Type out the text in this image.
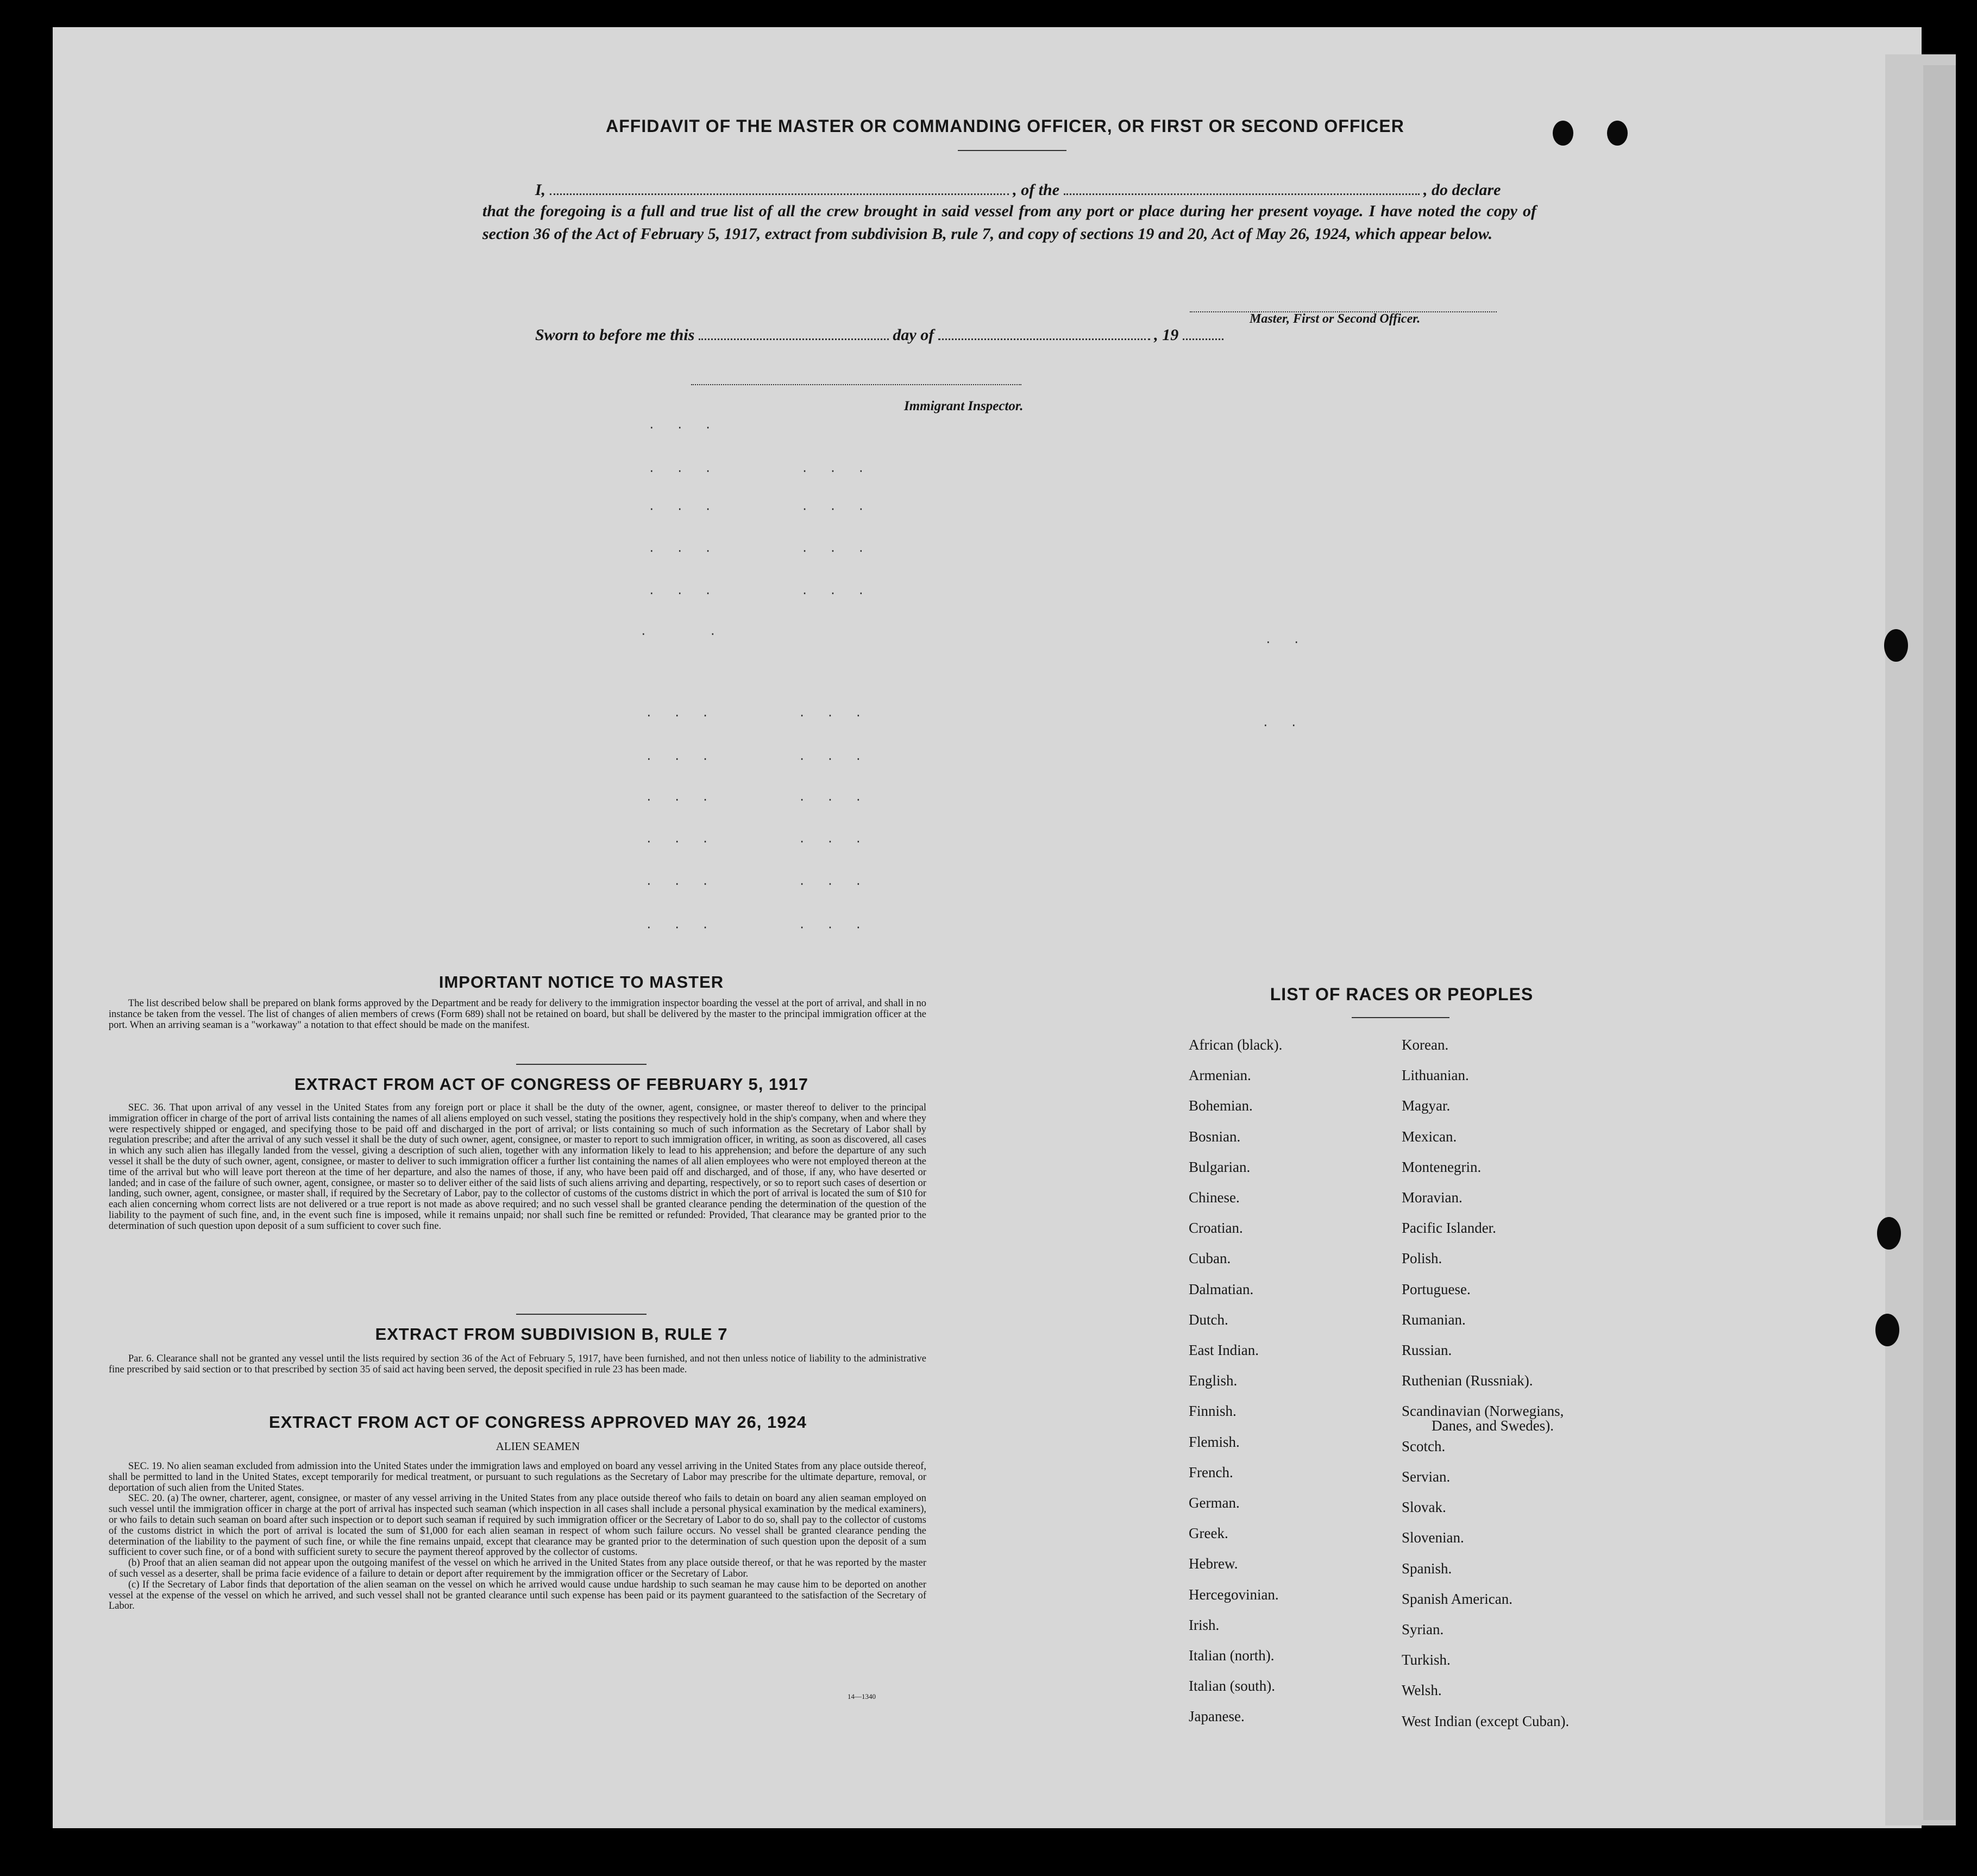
AFFIDAVIT OF THE MASTER OR COMMANDING OFFICER, OR FIRST OR SECOND OFFICER
I,	, of the	, do declare
that the foregoing is a full and true list of all the crew brought in said vessel from any port or place during her present voyage. I have noted the copy of section 36 of the Act of February 5, 1917, extract from subdivision B, rule 7, and copy of sections 19 and 20, Act of May 26, 1924, which appear below.
Master, First or Second Officer.
Sworn to before me this	day of	, 19
Immigrant Inspector.
· · ·
· · ·      · · ·
· · ·      · · ·
· · ·      · · ·
· · ·      · · ·
·    ·
· · ·      · · ·
· · ·      · · ·
· · ·      · · ·
· · ·      · · ·
· · ·      · · ·
· · ·      · · ·
· ·
· ·
IMPORTANT NOTICE TO MASTER

The list described below shall be prepared on blank forms approved by the Department and be ready for delivery to the immigration inspector boarding the vessel at the port of arrival, and shall in no instance be taken from the vessel. The list of changes of alien members of crews (Form 689) shall not be retained on board, but shall be delivered by the master to the principal immigration officer at the port. When an arriving seaman is a "workaway" a notation to that effect should be made on the manifest.

EXTRACT FROM ACT OF CONGRESS OF FEBRUARY 5, 1917

SEC. 36. That upon arrival of any vessel in the United States from any foreign port or place it shall be the duty of the owner, agent, consignee, or master thereof to deliver to the principal immigration officer in charge of the port of arrival lists containing the names of all aliens employed on such vessel, stating the positions they respectively hold in the ship's company, when and where they were respectively shipped or engaged, and specifying those to be paid off and discharged in the port of arrival; or lists containing so much of such information as the Secretary of Labor shall by regulation prescribe; and after the arrival of any such vessel it shall be the duty of such owner, agent, consignee, or master to report to such immigration officer, in writing, as soon as discovered, all cases in which any such alien has illegally landed from the vessel, giving a description of such alien, together with any information likely to lead to his apprehension; and before the departure of any such vessel it shall be the duty of such owner, agent, consignee, or master to deliver to such immigration officer a further list containing the names of all alien employees who were not employed thereon at the time of the arrival but who will leave port thereon at the time of her departure, and also the names of those, if any, who have been paid off and discharged, and of those, if any, who have deserted or landed; and in case of the failure of such owner, agent, consignee, or master so to deliver either of the said lists of such aliens arriving and departing, respectively, or so to report such cases of desertion or landing, such owner, agent, consignee, or master shall, if required by the Secretary of Labor, pay to the collector of customs of the customs district in which the port of arrival is located the sum of $10 for each alien concerning whom correct lists are not delivered or a true report is not made as above required; and no such vessel shall be granted clearance pending the determination of the question of the liability to the payment of such fine, and, in the event such fine is imposed, while it remains unpaid; nor shall such fine be remitted or refunded: Provided, That clearance may be granted prior to the determination of such question upon deposit of a sum sufficient to cover such fine.

EXTRACT FROM SUBDIVISION B, RULE 7

Par. 6. Clearance shall not be granted any vessel until the lists required by section 36 of the Act of February 5, 1917, have been furnished, and not then unless notice of liability to the administrative fine prescribed by said section or to that prescribed by section 35 of said act having been served, the deposit specified in rule 23 has been made.

EXTRACT FROM ACT OF CONGRESS APPROVED MAY 26, 1924
ALIEN SEAMEN

SEC. 19. No alien seaman excluded from admission into the United States under the immigration laws and employed on board any vessel arriving in the United States from any place outside thereof, shall be permitted to land in the United States, except temporarily for medical treatment, or pursuant to such regulations as the Secretary of Labor may prescribe for the ultimate departure, removal, or deportation of such alien from the United States.

SEC. 20. (a) The owner, charterer, agent, consignee, or master of any vessel arriving in the United States from any place outside thereof who fails to detain on board any alien seaman employed on such vessel until the immigration officer in charge at the port of arrival has inspected such seaman (which inspection in all cases shall include a personal physical examination by the medical examiners), or who fails to detain such seaman on board after such inspection or to deport such seaman if required by such immigration officer or the Secretary of Labor to do so, shall pay to the collector of customs of the customs district in which the port of arrival is located the sum of $1,000 for each alien seaman in respect of whom such failure occurs. No vessel shall be granted clearance pending the determination of the liability to the payment of such fine, or while the fine remains unpaid, except that clearance may be granted prior to the determination of such question upon the deposit of a sum sufficient to cover such fine, or of a bond with sufficient surety to secure the payment thereof approved by the collector of customs.

(b) Proof that an alien seaman did not appear upon the outgoing manifest of the vessel on which he arrived in the United States from any place outside thereof, or that he was reported by the master of such vessel as a deserter, shall be prima facie evidence of a failure to detain or deport after requirement by the immigration officer or the Secretary of Labor.

(c) If the Secretary of Labor finds that deportation of the alien seaman on the vessel on which he arrived would cause undue hardship to such seaman he may cause him to be deported on another vessel at the expense of the vessel on which he arrived, and such vessel shall not be granted clearance until such expense has been paid or its payment guaranteed to the satisfaction of the Secretary of Labor.

14—1340
LIST OF RACES OR PEOPLES
African (black).
Armenian.
Bohemian.
Bosnian.
Bulgarian.
Chinese.
Croatian.
Cuban.
Dalmatian.
Dutch.
East Indian.
English.
Finnish.
Flemish.
French.
German.
Greek.
Hebrew.
Hercegovinian.
Irish.
Italian (north).
Italian (south).
Japanese.
Korean.
Lithuanian.
Magyar.
Mexican.
Montenegrin.
Moravian.
Pacific Islander.
Polish.
Portuguese.
Rumanian.
Russian.
Ruthenian (Russniak).
Scandinavian (Norwegians,
Danes, and Swedes).
Scotch.
Servian.
Slovak.
Slovenian.
Spanish.
Spanish American.
Syrian.
Turkish.
Welsh.
West Indian (except Cuban).
